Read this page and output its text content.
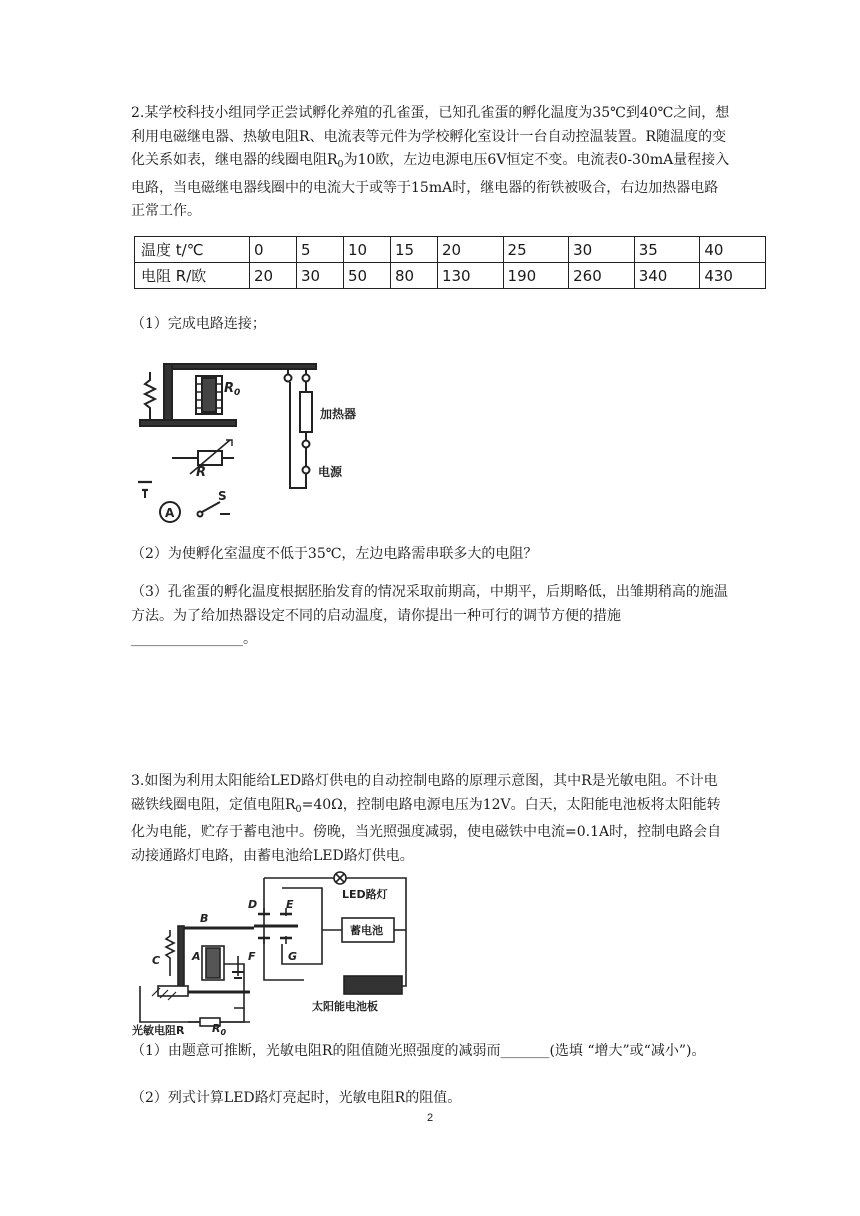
2.某学校科技小组同学正尝试孵化养殖的孔雀蛋，已知孔雀蛋的孵化温度为35℃到40℃之间，想利用电磁继电器、热敏电阻R、电流表等元件为学校孵化室设计一台自动控温装置。R随温度的变化关系如表，继电器的线圈电阻$R_0$为10欧，左边电源电压6V恒定不变。电流表0-30mA量程接入电路，当电磁继电器线圈中的电流大于或等于15mA时，继电器的衔铁被吸合，右边加热器电路正常工作。

温度 t/℃	0	5	10	15	20	25	30	35	40
电阻 R/欧	20	30	50	80	130	190	260	340	430

（1）完成电路连接；

$R_0$
加热器
电源
R
A
S

（2）为使孵化室温度不低于35℃，左边电路需串联多大的电阻？

（3）孔雀蛋的孵化温度根据胚胎发育的情况采取前期高，中期平，后期略低，出雏期稍高的施温方法。为了给加热器设定不同的启动温度，请你提出一种可行的调节方便的措施________________。

3.如图为利用太阳能给LED路灯供电的自动控制电路的原理示意图，其中R是光敏电阻。不计电磁铁线圈电阻，定值电阻$R_0=40\Omega$，控制电路电源电压为12V。白天，太阳能电池板将太阳能转化为电能，贮存于蓄电池中。傍晚，当光照强度减弱，使电磁铁中电流=0.1A时，控制电路会自动接通路灯电路，由蓄电池给LED路灯供电。

LED路灯
蓄电池
太阳能电池板
光敏电阻R	$R_0$
D	E
F	G
A
B
C

（1）由题意可推断，光敏电阻R的阻值随光照强度的减弱而_______(选填 “增大”或“减小”)。

（2）列式计算LED路灯亮起时，光敏电阻R的阻值。

2
